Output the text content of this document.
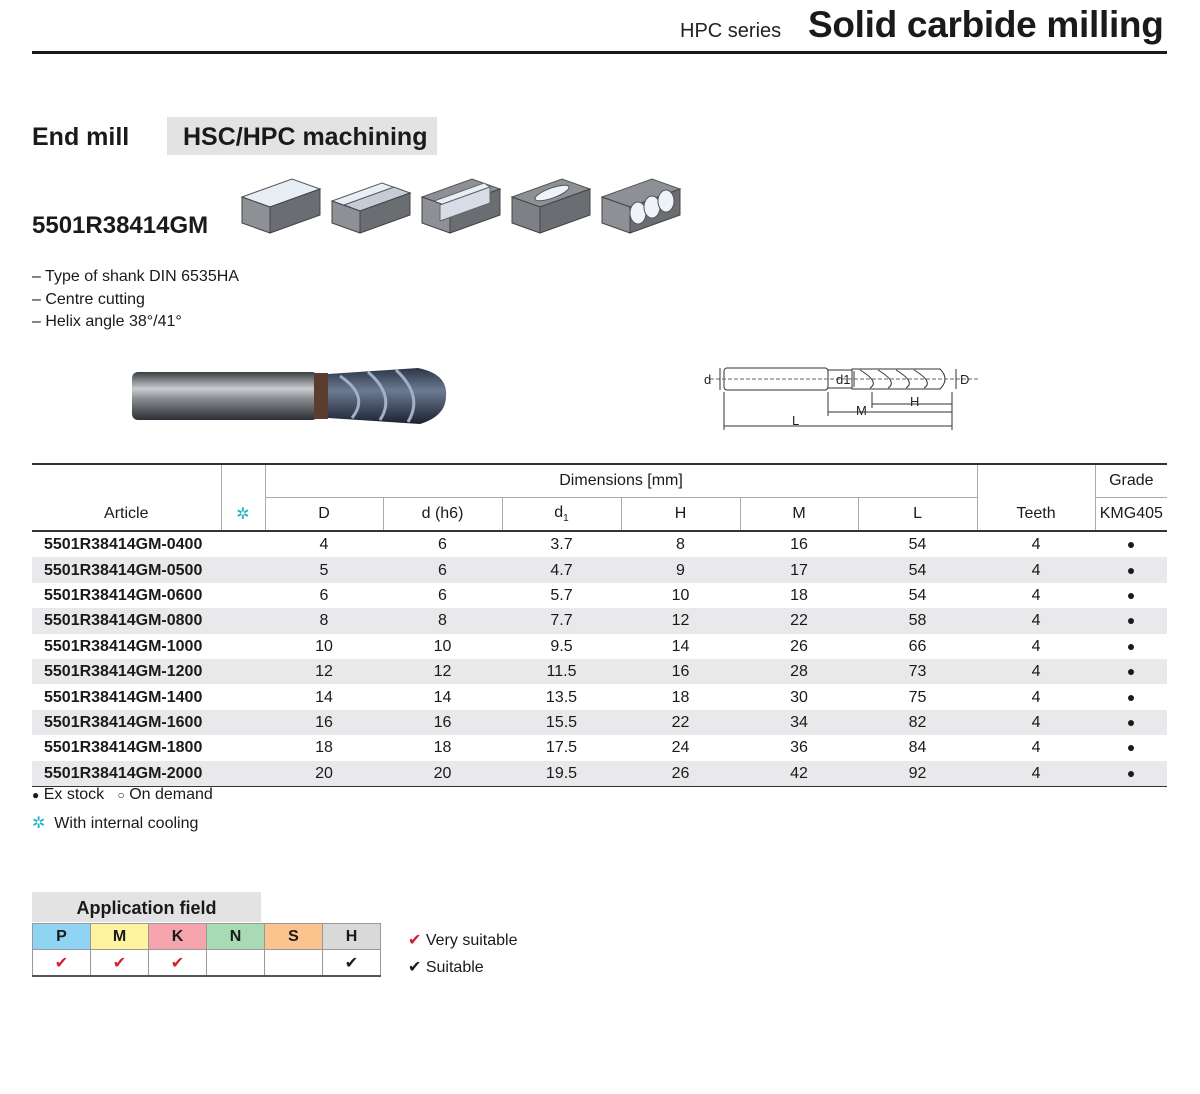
HPC series Solid carbide milling
End mill	HSC/HPC machining
5501R38414GM
– Type of shank DIN 6535HA
– Centre cutting
– Helix angle 38°/41°
d	d1	D
M
H
L
		Dimensions [mm]							Grade
Article	✲	D	d (h6)	$d_1$	H	M	L	Teeth	KMG405
5501R38414GM-0400		4	6	3.7	8	16	54	4	●
5501R38414GM-0500		5	6	4.7	9	17	54	4	●
5501R38414GM-0600		6	6	5.7	10	18	54	4	●
5501R38414GM-0800		8	8	7.7	12	22	58	4	●
5501R38414GM-1000		10	10	9.5	14	26	66	4	●
5501R38414GM-1200		12	12	11.5	16	28	73	4	●
5501R38414GM-1400		14	14	13.5	18	30	75	4	●
5501R38414GM-1600		16	16	15.5	22	34	82	4	●
5501R38414GM-1800		18	18	17.5	24	36	84	4	●
5501R38414GM-2000		20	20	19.5	26	42	92	4	●
● Ex stock ○ On demand
✲ With internal cooling
Application field
P	M	K	N	S	H
✔	✔	✔			✔
✔ Very suitable
✔ Suitable
